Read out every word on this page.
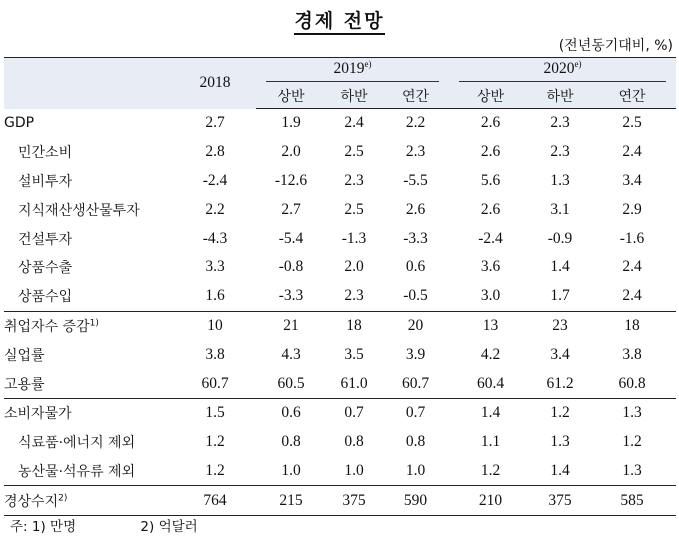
경제 전망
(전년동기대비, %)
	2018	2019$^{e)}$			2020$^{e)}$
		상반	하반	연간	상반	하반	연간
GDP	2.7	1.9	2.4	2.2	2.6	2.3	2.5
민간소비	2.8	2.0	2.5	2.3	2.6	2.3	2.4
설비투자	-2.4	-12.6	2.3	-5.5	5.6	1.3	3.4
지식재산생산물투자	2.2	2.7	2.5	2.6	2.6	3.1	2.9
건설투자	-4.3	-5.4	-1.3	-3.3	-2.4	-0.9	-1.6
상품수출	3.3	-0.8	2.0	0.6	3.6	1.4	2.4
상품수입	1.6	-3.3	2.3	-0.5	3.0	1.7	2.4
취업자수 증감$^{1)}$	10	21	18	20	13	23	18
실업률	3.8	4.3	3.5	3.9	4.2	3.4	3.8
고용률	60.7	60.5	61.0	60.7	60.4	61.2	60.8
소비자물가	1.5	0.6	0.7	0.7	1.4	1.2	1.3
식료품·에너지 제외	1.2	0.8	0.8	0.8	1.1	1.3	1.2
농산물·석유류 제외	1.2	1.0	1.0	1.0	1.2	1.4	1.3
경상수지$^{2)}$	764	215	375	590	210	375	585
주: 1) 만명	2) 억달러
